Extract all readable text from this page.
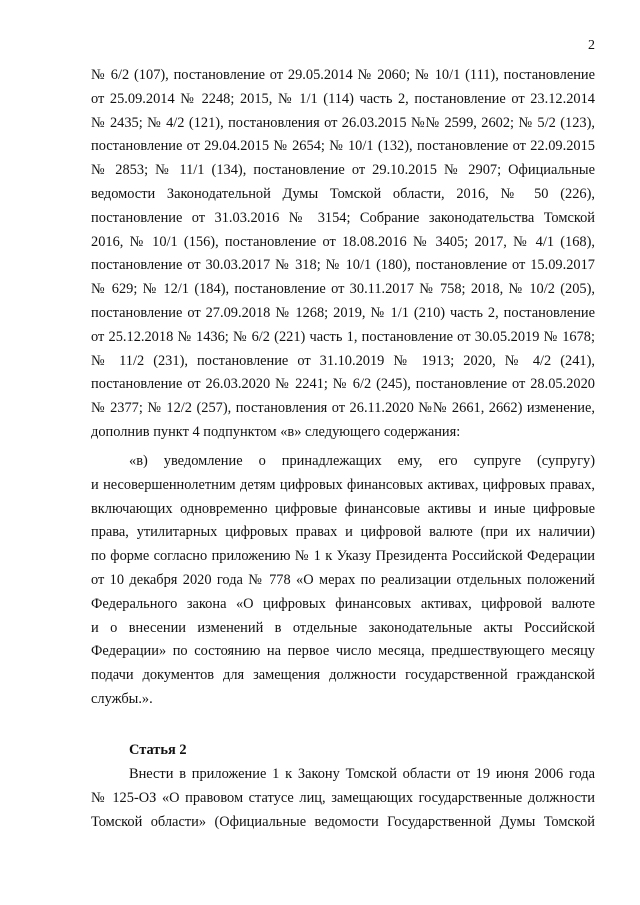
2
№ 6/2 (107), постановление от 29.05.2014 № 2060; № 10/1 (111), постановление
от 25.09.2014 № 2248; 2015, № 1/1 (114) часть 2, постановление от 23.12.2014
№ 2435; № 4/2 (121), постановления от 26.03.2015 №№ 2599, 2602; № 5/2 (123),
постановление от 29.04.2015 № 2654; № 10/1 (132), постановление от 22.09.2015
№ 2853; № 11/1 (134), постановление от 29.10.2015 № 2907; Официальные
ведомости Законодательной Думы Томской области, 2016, № 50 (226),
постановление от 31.03.2016 № 3154; Собрание законодательства Томской
2016, № 10/1 (156), постановление от 18.08.2016 № 3405; 2017, № 4/1 (168),
постановление от 30.03.2017 № 318; № 10/1 (180), постановление от 15.09.2017
№ 629; № 12/1 (184), постановление от 30.11.2017 № 758; 2018, № 10/2 (205),
постановление от 27.09.2018 № 1268; 2019, № 1/1 (210) часть 2, постановление
от 25.12.2018 № 1436; № 6/2 (221) часть 1, постановление от 30.05.2019 № 1678;
№ 11/2 (231), постановление от 31.10.2019 № 1913; 2020, № 4/2 (241),
постановление от 26.03.2020 № 2241; № 6/2 (245), постановление от 28.05.2020
№ 2377; № 12/2 (257), постановления от 26.11.2020 №№ 2661, 2662) изменение,
дополнив пункт 4 подпунктом «в» следующего содержания:
«в) уведомление о принадлежащих ему, его супруге (супругу)
и несовершеннолетним детям цифровых финансовых активах, цифровых правах,
включающих одновременно цифровые финансовые активы и иные цифровые
права, утилитарных цифровых правах и цифровой валюте (при их наличии)
по форме согласно приложению № 1 к Указу Президента Российской Федерации
от 10 декабря 2020 года № 778 «О мерах по реализации отдельных положений
Федерального закона «О цифровых финансовых активах, цифровой валюте
и о внесении изменений в отдельные законодательные акты Российской
Федерации» по состоянию на первое число месяца, предшествующего месяцу
подачи документов для замещения должности государственной гражданской
службы.».
Статья 2
Внести в приложение 1 к Закону Томской области от 19 июня 2006 года
№ 125-ОЗ «О правовом статусе лиц, замещающих государственные должности
Томской области» (Официальные ведомости Государственной Думы Томской
